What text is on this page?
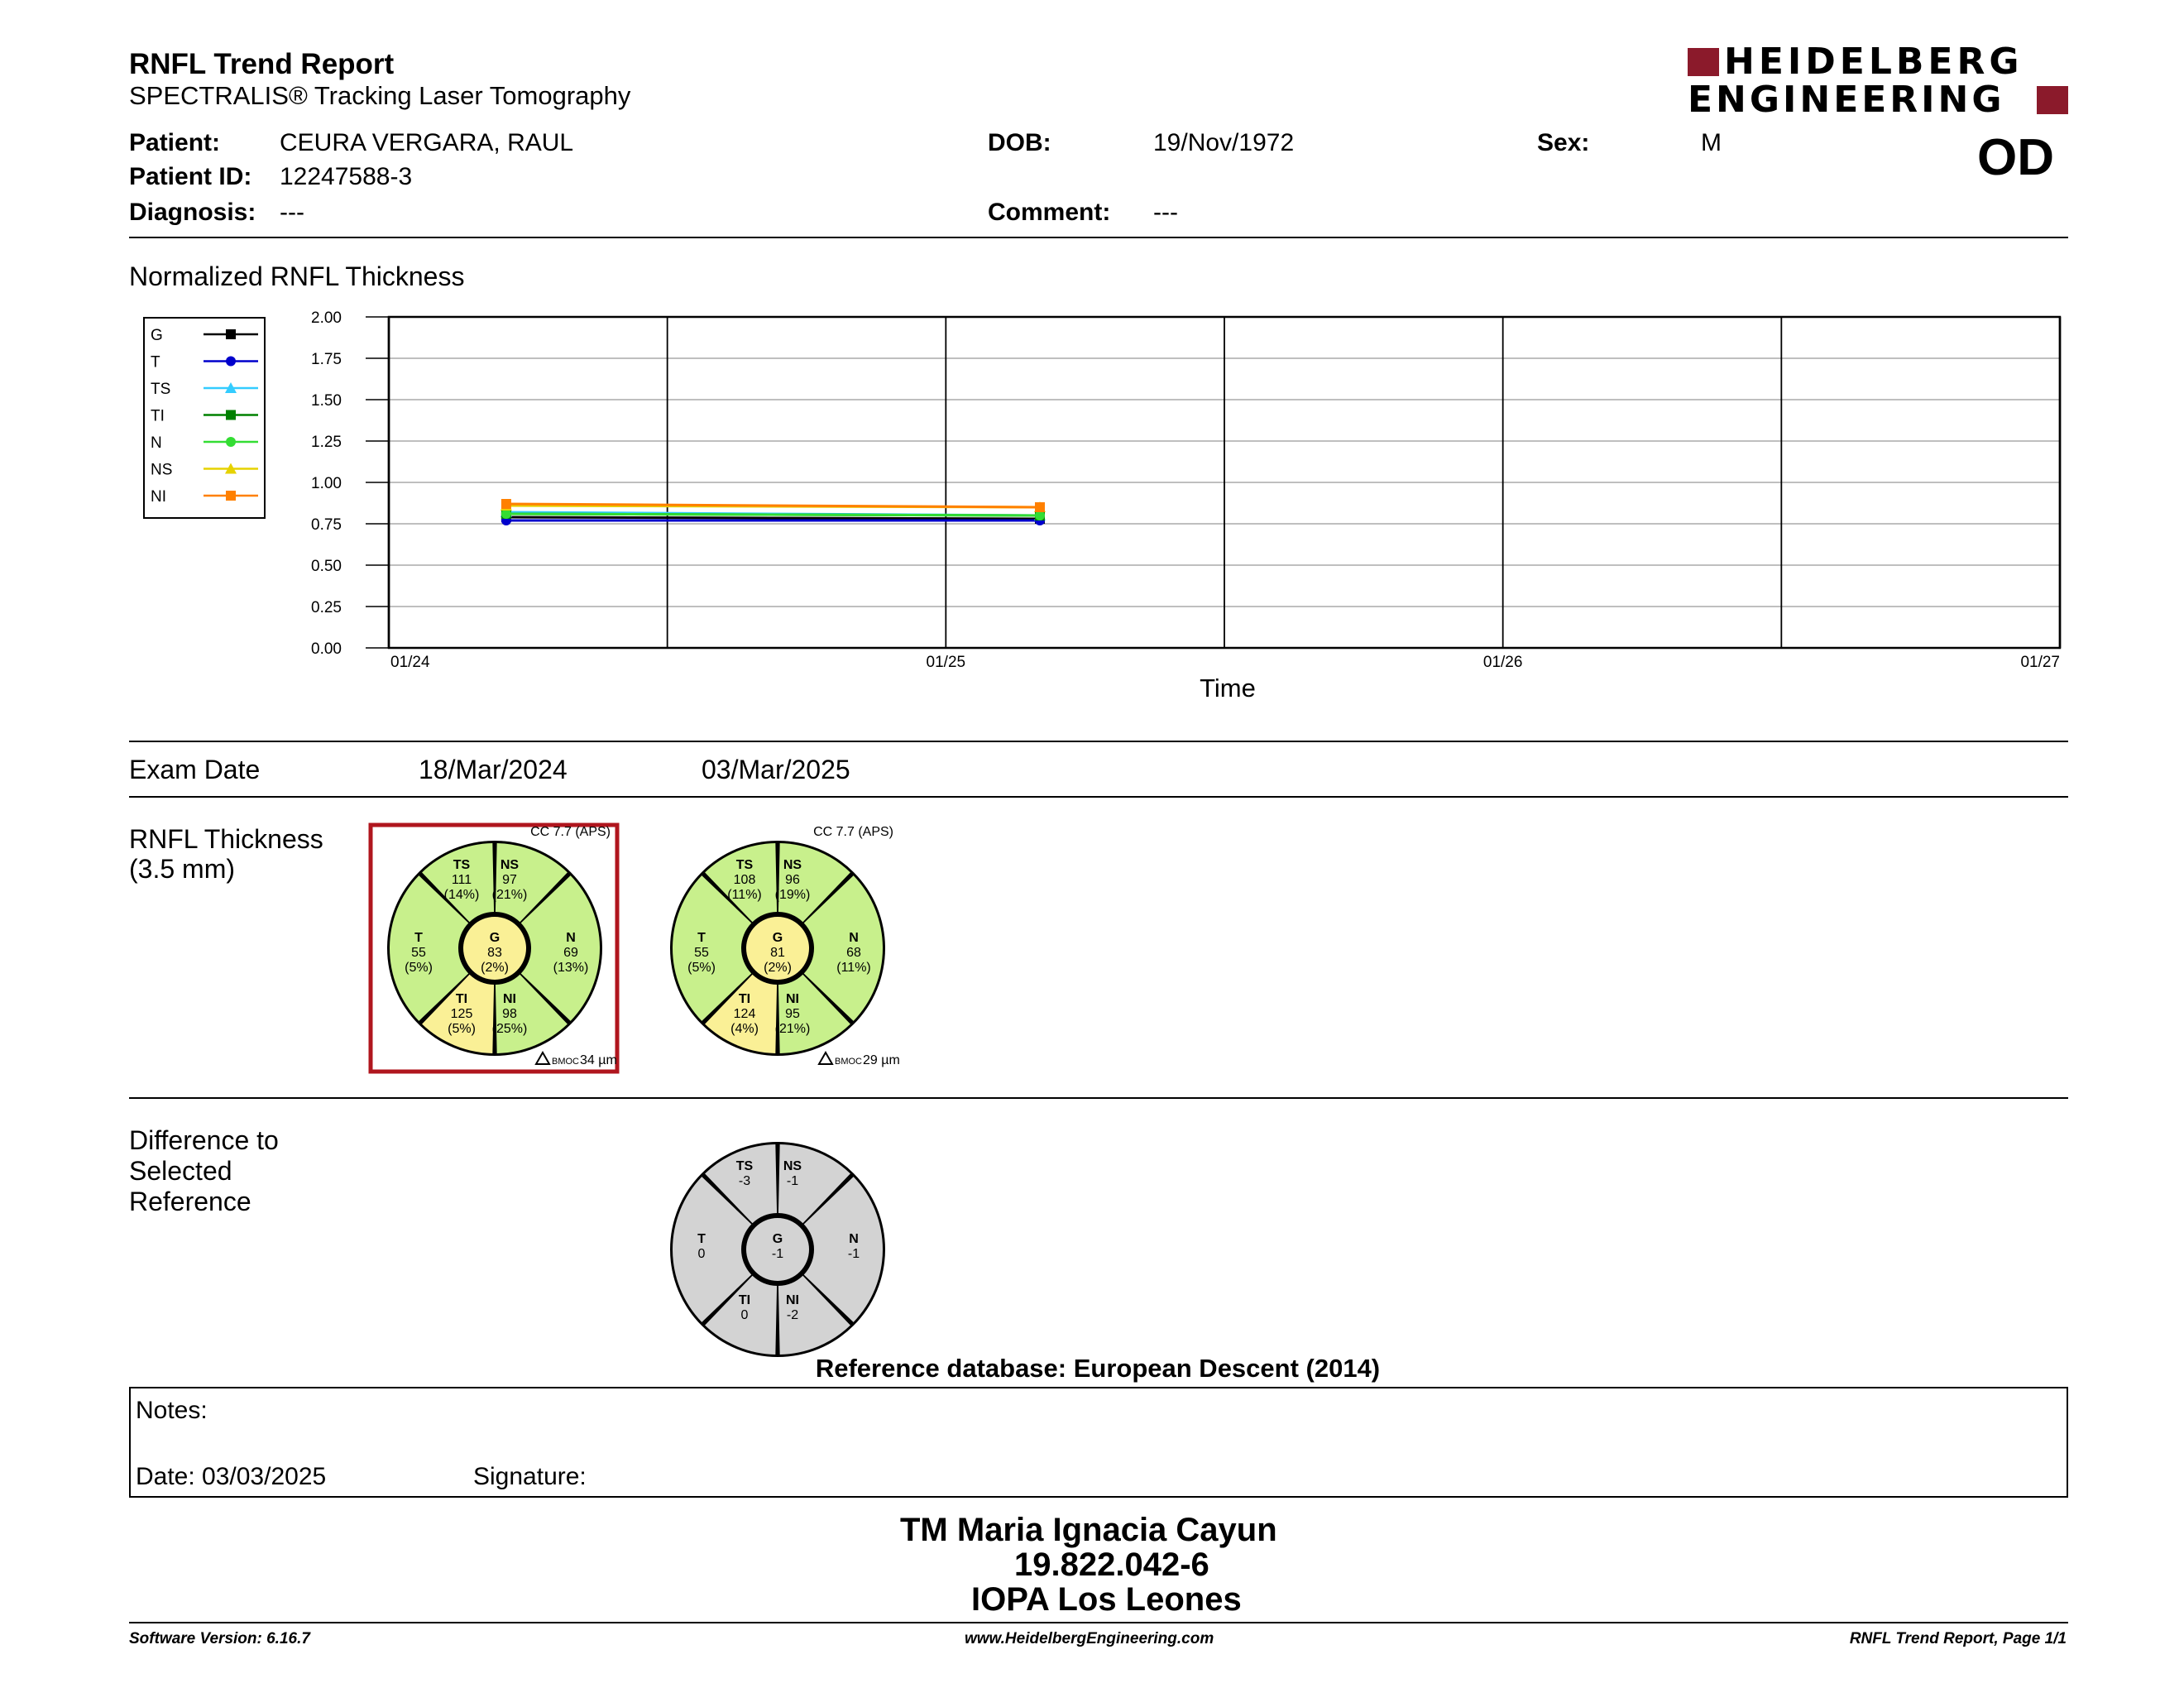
RNFL Trend Report
SPECTRALIS® Tracking Laser Tomography
HEIDELBERG
ENGINEERING
OD
Patient: CEURA VERGARA, RAUL
Patient ID: 12247588-3
Diagnosis: ---
DOB:	19/Nov/1972
Comment: ---
Sex:	M
Normalized RNFL Thickness
G
T
TS
TI
N
NS
NI
0.00
0.25
0.50
0.75
1.00
1.25
1.50
1.75
2.00
01/24	01/25	01/26	01/27
Time
Exam Date	18/Mar/2024	03/Mar/2025
RNFL Thickness
(3.5 mm)	NS
97
(21%)
TS
111
(14%)
T
55
(5%)
N
69
(13%)
TI
125
(5%)
NI
98
(25%)
G
83
(2%)
CC 7.7 (APS)
BMOC 34 µm
NS
96
(19%)
TS
108
(11%)
T
55
(5%)
N
68
(11%)
TI
124
(4%)
NI
95
(21%)
G
81
(2%)
CC 7.7 (APS)
BMOC 29 µm
Difference to
Selected
Reference
NS
-1
TS
-3
T
0
N
-1
TI
0
NI
-2
G
-1
Reference database: European Descent (2014)
Notes:
Date: 03/03/2025	Signature:
TM Maria Ignacia Cayun
19.822.042-6
IOPA Los Leones
Software Version: 6.16.7	www.HeidelbergEngineering.com	RNFL Trend Report, Page 1/1
